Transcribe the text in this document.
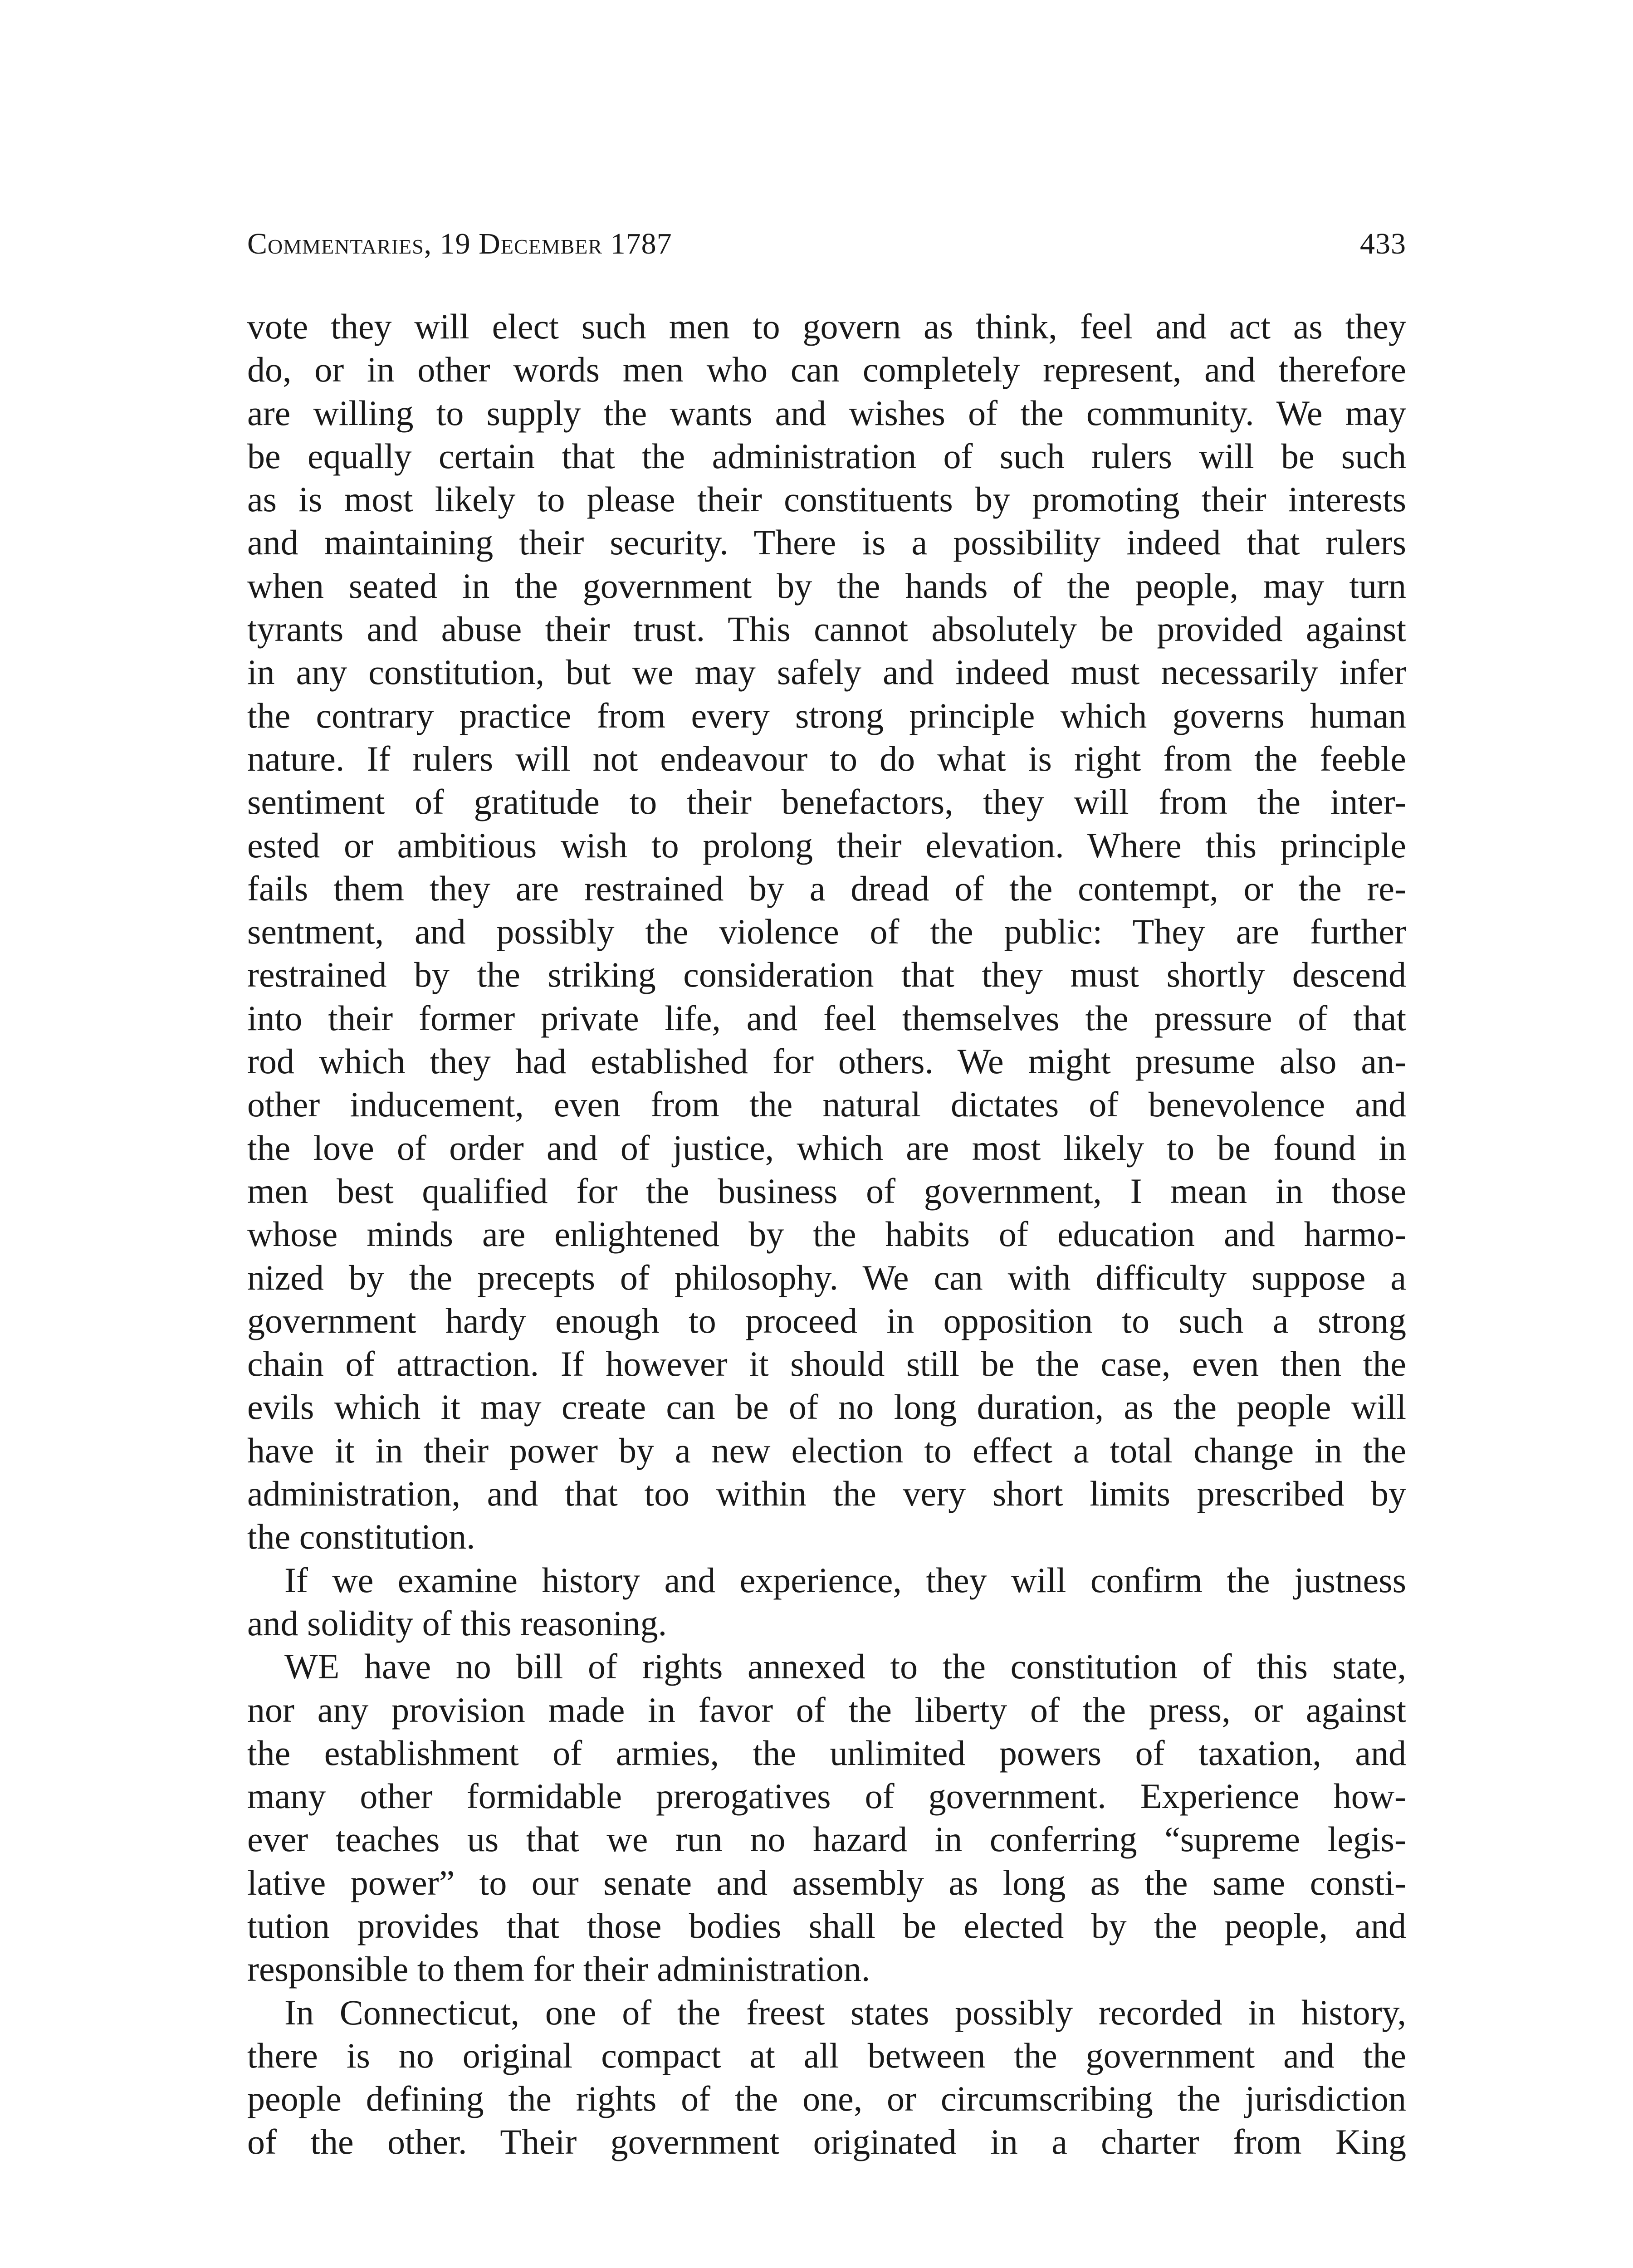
Commentaries, 19 December 1787	433
vote they will elect such men to govern as think, feel and act as they
do, or in other words men who can completely represent, and therefore
are willing to supply the wants and wishes of the community. We may
be equally certain that the administration of such rulers will be such
as is most likely to please their constituents by promoting their interests
and maintaining their security. There is a possibility indeed that rulers
when seated in the government by the hands of the people, may turn
tyrants and abuse their trust. This cannot absolutely be provided against
in any constitution, but we may safely and indeed must necessarily infer
the contrary practice from every strong principle which governs human
nature. If rulers will not endeavour to do what is right from the feeble
sentiment of gratitude to their benefactors, they will from the inter-
ested or ambitious wish to prolong their elevation. Where this principle
fails them they are restrained by a dread of the contempt, or the re-
sentment, and possibly the violence of the public: They are further
restrained by the striking consideration that they must shortly descend
into their former private life, and feel themselves the pressure of that
rod which they had established for others. We might presume also an-
other inducement, even from the natural dictates of benevolence and
the love of order and of justice, which are most likely to be found in
men best qualified for the business of government, I mean in those
whose minds are enlightened by the habits of education and harmo-
nized by the precepts of philosophy. We can with difficulty suppose a
government hardy enough to proceed in opposition to such a strong
chain of attraction. If however it should still be the case, even then the
evils which it may create can be of no long duration, as the people will
have it in their power by a new election to effect a total change in the
administration, and that too within the very short limits prescribed by
the constitution.
If we examine history and experience, they will confirm the justness
and solidity of this reasoning.
WE have no bill of rights annexed to the constitution of this state,
nor any provision made in favor of the liberty of the press, or against
the establishment of armies, the unlimited powers of taxation, and
many other formidable prerogatives of government. Experience how-
ever teaches us that we run no hazard in conferring “supreme legis-
lative power” to our senate and assembly as long as the same consti-
tution provides that those bodies shall be elected by the people, and
responsible to them for their administration.
In Connecticut, one of the freest states possibly recorded in history,
there is no original compact at all between the government and the
people defining the rights of the one, or circumscribing the jurisdiction
of the other. Their government originated in a charter from King
